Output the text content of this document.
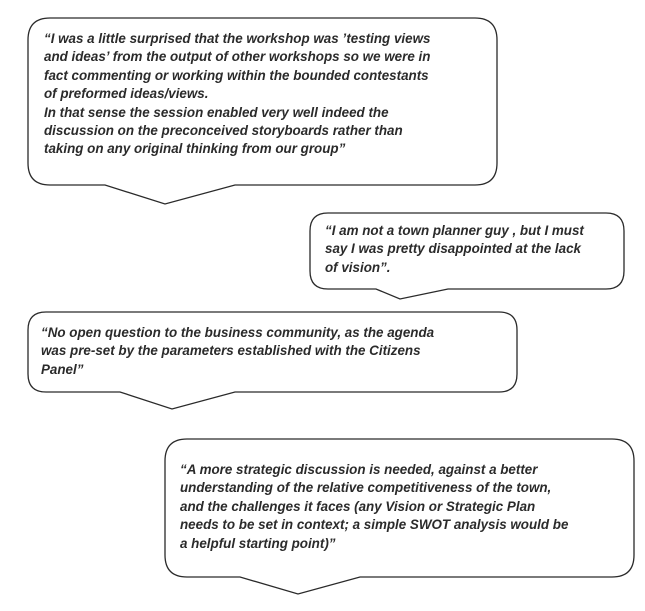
“I was a little surprised that the workshop was ’testing views
and ideas’ from the output of other workshops so we were in
fact commenting or working within the bounded contestants
of preformed ideas/views.
In that sense the session enabled very well indeed the
discussion on the preconceived storyboards rather than
taking on any original thinking from our group”
“I am not a town planner guy , but I must
say I was pretty disappointed at the lack
of vision”.
“No open question to the business community, as the agenda
was pre-set by the parameters established with the Citizens
Panel”
“A more strategic discussion is needed, against a better
understanding of the relative competitiveness of the town,
and the challenges it faces (any Vision or Strategic Plan
needs to be set in context; a simple SWOT analysis would be
a helpful starting point)”
